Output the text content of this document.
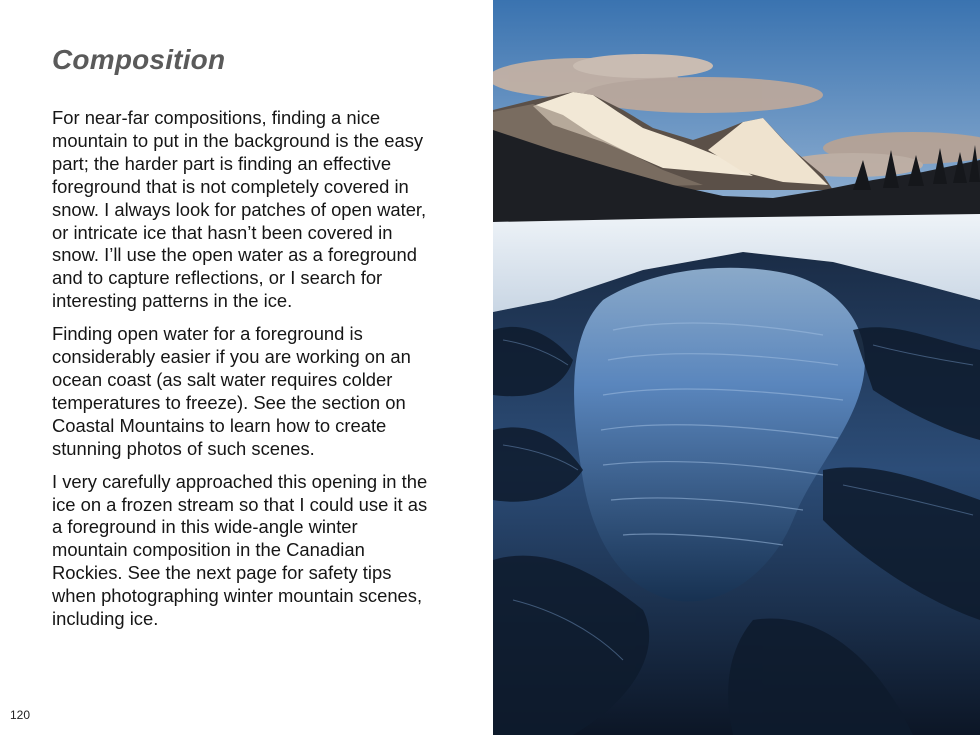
Composition

For near-far compositions, finding a nice mountain to put in the background is the easy part; the harder part is finding an effective foreground that is not completely covered in snow. I always look for patches of open water, or intricate ice that hasn’t been covered in snow. I’ll use the open water as a foreground and to capture reflections, or I search for interesting patterns in the ice.

Finding open water for a foreground is considerably easier if you are working on an ocean coast (as salt water requires colder temperatures to freeze). See the section on Coastal Mountains to learn how to create stunning photos of such scenes.

I very carefully approached this opening in the ice on a frozen stream so that I could use it as a foreground in this wide-angle winter mountain composition in the Canadian Rockies. See the next page for safety tips when photographing winter mountain scenes, including ice.

120
